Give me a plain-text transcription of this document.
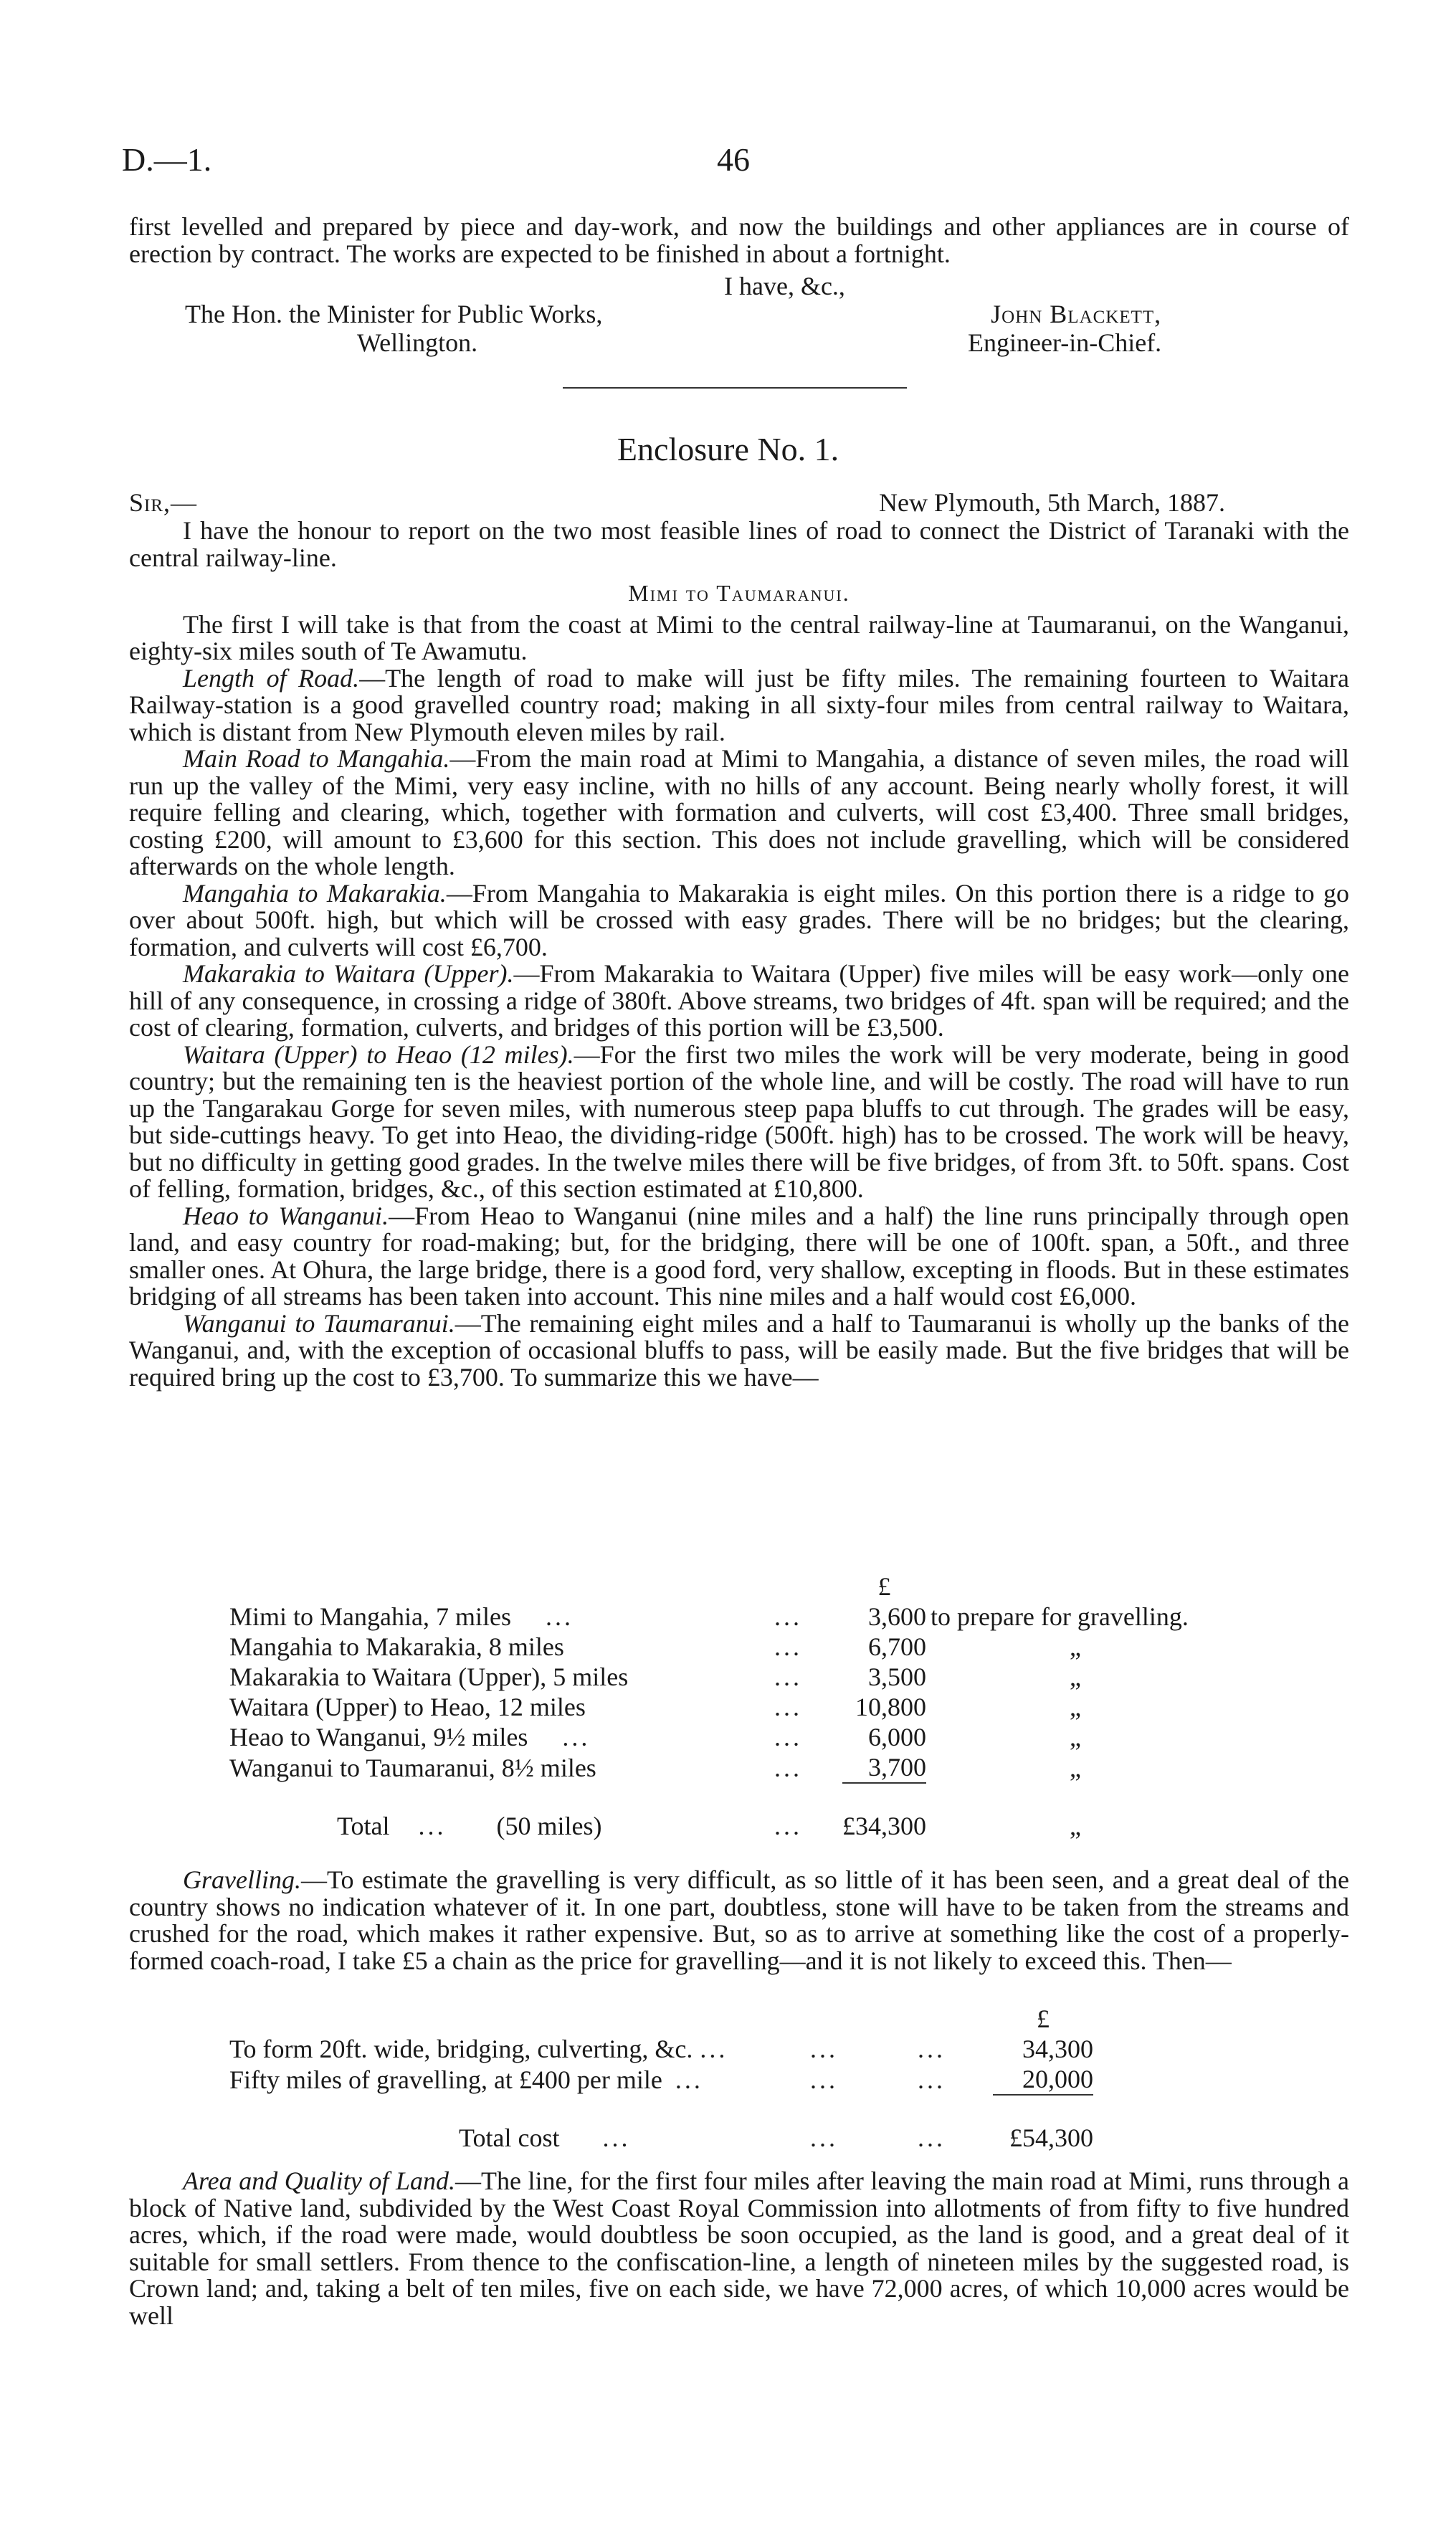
D.—1.	46

first levelled and prepared by piece and day-work, and now the buildings and other appliances are in course of erection by contract. The works are expected to be finished in about a fortnight.

I have, &c.,
The Hon. the Minister for Public Works,
Wellington.
John Blackett,
Engineer-in-Chief.
Enclosure No. 1.
Sir,—	New Plymouth, 5th March, 1887.

I have the honour to report on the two most feasible lines of road to connect the District of Taranaki with the central railway-line.

Mimi to Taumaranui.

The first I will take is that from the coast at Mimi to the central railway-line at Taumaranui, on the Wanganui, eighty-six miles south of Te Awamutu.

Length of Road.—The length of road to make will just be fifty miles. The remaining fourteen to Waitara Railway-station is a good gravelled country road; making in all sixty-four miles from central railway to Waitara, which is distant from New Plymouth eleven miles by rail.

Main Road to Mangahia.—From the main road at Mimi to Mangahia, a distance of seven miles, the road will run up the valley of the Mimi, very easy incline, with no hills of any account. Being nearly wholly forest, it will require felling and clearing, which, together with formation and culverts, will cost £3,400. Three small bridges, costing £200, will amount to £3,600 for this section. This does not include gravelling, which will be considered afterwards on the whole length.

Mangahia to Makarakia.—From Mangahia to Makarakia is eight miles. On this portion there is a ridge to go over about 500ft. high, but which will be crossed with easy grades. There will be no bridges; but the clearing, formation, and culverts will cost £6,700.

Makarakia to Waitara (Upper).—From Makarakia to Waitara (Upper) five miles will be easy work—only one hill of any consequence, in crossing a ridge of 380ft. Above streams, two bridges of 4ft. span will be required; and the cost of clearing, formation, culverts, and bridges of this portion will be £3,500.

Waitara (Upper) to Heao (12 miles).—For the first two miles the work will be very moderate, being in good country; but the remaining ten is the heaviest portion of the whole line, and will be costly. The road will have to run up the Tangarakau Gorge for seven miles, with numerous steep papa bluffs to cut through. The grades will be easy, but side-cuttings heavy. To get into Heao, the dividing-ridge (500ft. high) has to be crossed. The work will be heavy, but no difficulty in getting good grades. In the twelve miles there will be five bridges, of from 3ft. to 50ft. spans. Cost of felling, formation, bridges, &c., of this section estimated at £10,800.

Heao to Wanganui.—From Heao to Wanganui (nine miles and a half) the line runs principally through open land, and easy country for road-making; but, for the bridging, there will be one of 100ft. span, a 50ft., and three smaller ones. At Ohura, the large bridge, there is a good ford, very shallow, excepting in floods. But in these estimates bridging of all streams has been taken into account. This nine miles and a half would cost £6,000.

Wanganui to Taumaranui.—The remaining eight miles and a half to Taumaranui is wholly up the banks of the Wanganui, and, with the exception of occasional bluffs to pass, will be easily made. But the five bridges that will be required bring up the cost to £3,700. To summarize this we have—

		£	
Mimi to Mangahia, 7 miles ...	...	3,600	to prepare for gravelling.
Mangahia to Makarakia, 8 miles	...	6,700	„
Makarakia to Waitara (Upper), 5 miles	...	3,500	„
Waitara (Upper) to Heao, 12 miles	...	10,800	„
Heao to Wanganui, 9½ miles ...	...	6,000	„
Wanganui to Taumaranui, 8½ miles	...	3,700	„

Total ... (50 miles)	...	£34,300	„

Gravelling.—To estimate the gravelling is very difficult, as so little of it has been seen, and a great deal of the country shows no indication whatever of it. In one part, doubtless, stone will have to be taken from the streams and crushed for the road, which makes it rather expensive. But, so as to arrive at something like the cost of a properly-formed coach-road, I take £5 a chain as the price for gravelling—and it is not likely to exceed this. Then—

			£
To form 20ft. wide, bridging, culverting, &c. ...	...	...	34,300
Fifty miles of gravelling, at £400 per mile ...	...	...	20,000

Total cost ...	...	...	£54,300

Area and Quality of Land.—The line, for the first four miles after leaving the main road at Mimi, runs through a block of Native land, subdivided by the West Coast Royal Commission into allotments of from fifty to five hundred acres, which, if the road were made, would doubtless be soon occupied, as the land is good, and a great deal of it suitable for small settlers. From thence to the confiscation-line, a length of nineteen miles by the suggested road, is Crown land; and, taking a belt of ten miles, five on each side, we have 72,000 acres, of which 10,000 acres would be well
